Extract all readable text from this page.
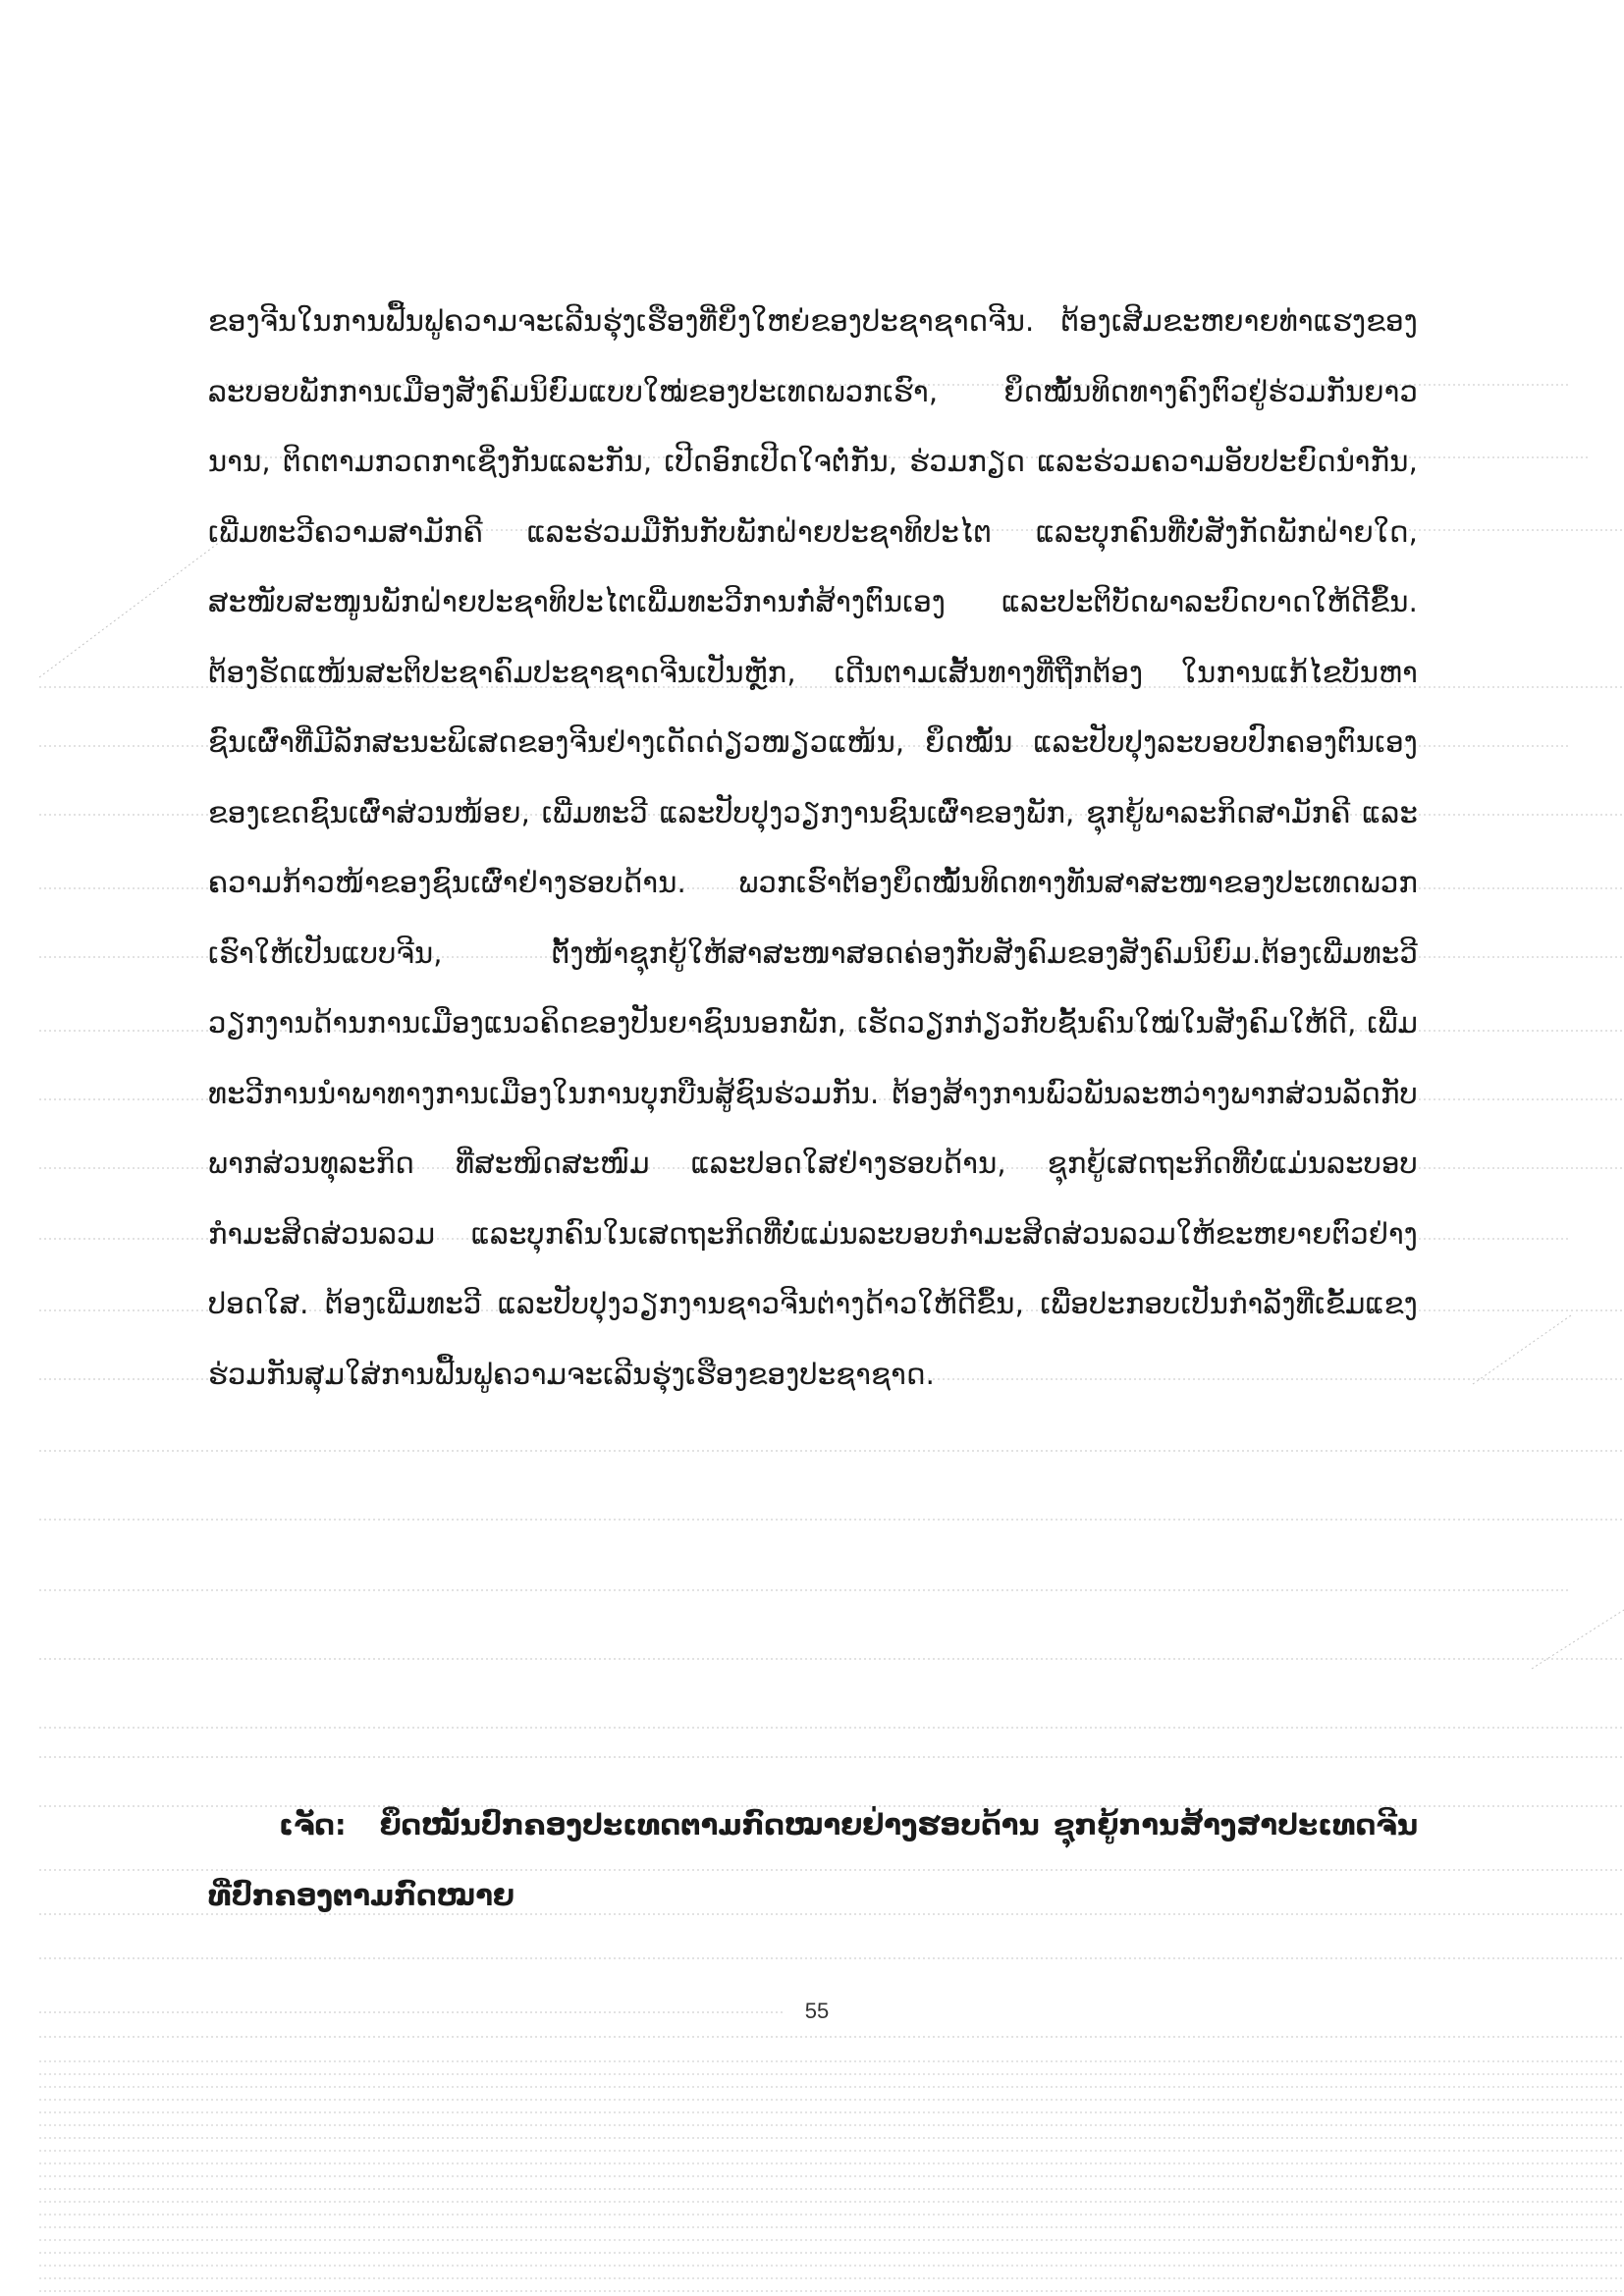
ຂອງຈີນໃນການຟື້ນຟູຄວາມຈະເລີນຮຸ່ງເຮືອງທີ່ຍິ່ງໃຫຍ່ຂອງປະຊາຊາດຈີນ. ຕ້ອງເສີມຂະຫຍາຍທ່າແຮງຂອງລະບອບພັກການເມືອງສັງຄົມນິຍົມແບບໃໝ່ຂອງປະເທດພວກເຮົາ, ຍຶດໝັ້ນທິດທາງຄົງຕົວຢູ່ຮ່ວມກັນຍາວນານ, ຕິດຕາມກວດກາເຊິ່ງກັນແລະກັນ, ເປີດອົກເປີດໃຈຕໍ່ກັນ, ຮ່ວມກຽດ ແລະຮ່ວມຄວາມອັບປະຍົດນຳກັນ, ເພີ່ມທະວີຄວາມສາມັກຄີ ແລະຮ່ວມມືກັນກັບພັກຝ່າຍປະຊາທິປະໄຕ ແລະບຸກຄົນທີ່ບໍ່ສັງກັດພັກຝ່າຍໃດ, ສະໜັບສະໜູນພັກຝ່າຍປະຊາທິປະໄຕເພີ່ມທະວີການກໍ່ສ້າງຕົນເອງ ແລະປະຕິບັດພາລະບົດບາດໃຫ້ດີຂຶ້ນ. ຕ້ອງຮັດແໜ້ນສະຕິປະຊາຄົມປະຊາຊາດຈີນເປັນຫຼັກ, ເດີນຕາມເສັ້ນທາງທີ່ຖືກຕ້ອງ ໃນການແກ້ໄຂບັນຫາຊົນເຜົ່າທີ່ມີລັກສະນະພິເສດຂອງຈີນຢ່າງເດັດດ່ຽວໜຽວແໜ້ນ, ຍຶດໝັ້ນ ແລະປັບປຸງລະບອບປົກຄອງຕົນເອງຂອງເຂດຊົນເຜົ່າສ່ວນໜ້ອຍ, ເພີ່ມທະວີ ແລະປັບປຸງວຽກງານຊົນເຜົ່າຂອງພັກ, ຊຸກຍູ້ພາລະກິດສາມັກຄີ ແລະຄວາມກ້າວໜ້າຂອງຊົນເຜົ່າຢ່າງຮອບດ້ານ. ພວກເຮົາຕ້ອງຍຶດໝັ້ນທິດທາງທັນສາສະໜາຂອງປະເທດພວກເຮົາໃຫ້ເປັນແບບຈີນ, ຕັ້ງໜ້າຊຸກຍູ້ໃຫ້ສາສະໜາສອດຄ່ອງກັບສັງຄົມຂອງສັງຄົມນິຍົມ.ຕ້ອງເພີ່ມທະວີວຽກງານດ້ານການເມືອງແນວຄິດຂອງປັນຍາຊົນນອກພັກ, ເຮັດວຽກກ່ຽວກັບຊັ້ນຄົນໃໝ່ໃນສັງຄົມໃຫ້ດີ, ເພີ່ມທະວີການນຳພາທາງການເມືອງໃນການບຸກບືນສູ້ຊົນຮ່ວມກັນ. ຕ້ອງສ້າງການພົວພັນລະຫວ່າງພາກສ່ວນລັດກັບພາກສ່ວນທຸລະກິດ ທີ່ສະໜິດສະໜົມ ແລະປອດໃສຢ່າງຮອບດ້ານ, ຊຸກຍູ້ເສດຖະກິດທີ່ບໍ່ແມ່ນລະບອບກຳມະສິດສ່ວນລວມ ແລະບຸກຄົນໃນເສດຖະກິດທີ່ບໍ່ແມ່ນລະບອບກຳມະສິດສ່ວນລວມໃຫ້ຂະຫຍາຍຕົວຢ່າງປອດໃສ. ຕ້ອງເພີ່ມທະວີ ແລະປັບປຸງວຽກງານຊາວຈີນຕ່າງດ້າວໃຫ້ດີຂຶ້ນ, ເພື່ອປະກອບເປັນກຳລັງທີ່ເຂັ້ມແຂງຮ່ວມກັນສຸມໃສ່ການຟື້ນຟູຄວາມຈະເລີນຮຸ່ງເຮືອງຂອງປະຊາຊາດ.

ເຈັດ: ຍຶດໝັ້ນປົກຄອງປະເທດຕາມກົດໝາຍຢ່າງຮອບດ້ານ ຊຸກຍູ້ການສ້າງສາປະເທດຈີນທີ່ປົກຄອງຕາມກົດໝາຍ

55
